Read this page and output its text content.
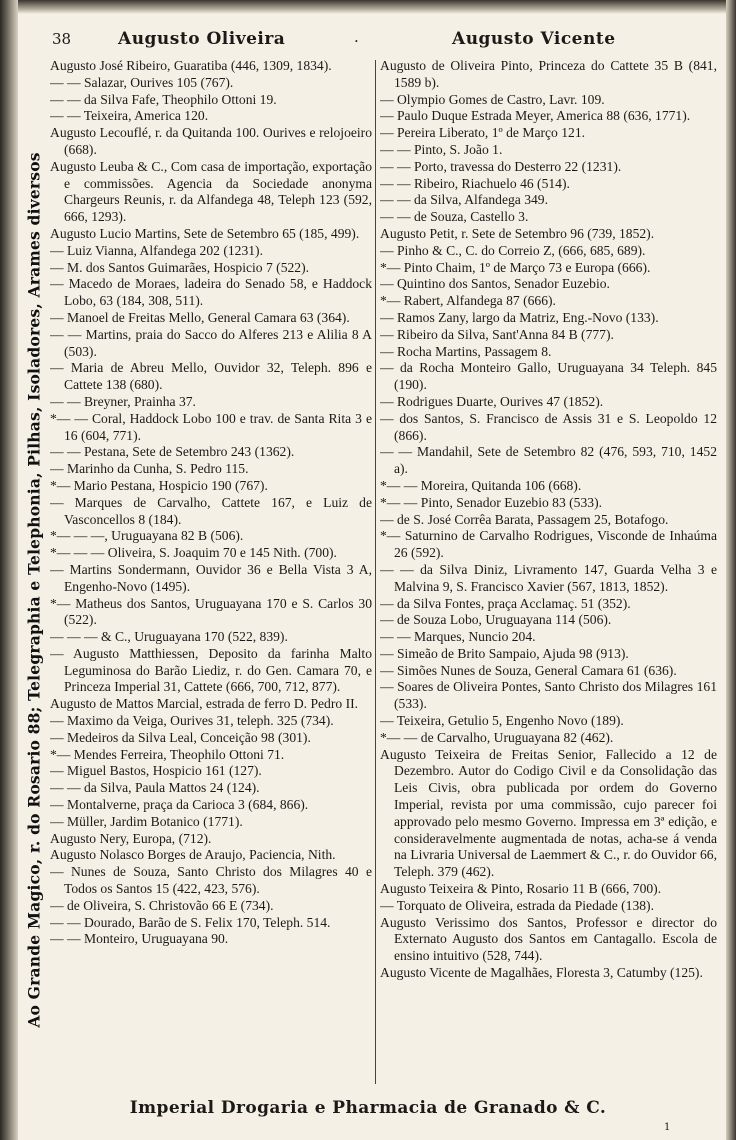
Ao Grande Magico, r. do Rosario 88; Telegraphia e Telephonia, Pilhas, Isoladores, Arames diversos
38	Augusto Oliveira	.	Augusto Vicente

Augusto José Ribeiro, Guaratiba (446, 1309, 1834).

— — Salazar, Ourives 105 (767).

— — da Silva Fafe, Theophilo Ottoni 19.

— — Teixeira, America 120.

Augusto Lecouflé, r. da Quitanda 100. Ourives e relojoeiro (668).

Augusto Leuba & C., Com casa de importação, exportação e commissões. Agencia da Sociedade anonyma Chargeurs Reunis, r. da Alfandega 48, Teleph 123 (592, 666, 1293).

Augusto Lucio Martins, Sete de Setembro 65 (185, 499).

— Luiz Vianna, Alfandega 202 (1231).

— M. dos Santos Guimarães, Hospicio 7 (522).

— Macedo de Moraes, ladeira do Senado 58, e Haddock Lobo, 63 (184, 308, 511).

— Manoel de Freitas Mello, General Camara 63 (364).

— — Martins, praia do Sacco do Alferes 213 e Alilia 8 A (503).

— Maria de Abreu Mello, Ouvidor 32, Teleph. 896 e Cattete 138 (680).

— — Breyner, Prainha 37.

*— — Coral, Haddock Lobo 100 e trav. de Santa Rita 3 e 16 (604, 771).

— — Pestana, Sete de Setembro 243 (1362).

— Marinho da Cunha, S. Pedro 115.

*— Mario Pestana, Hospicio 190 (767).

— Marques de Carvalho, Cattete 167, e Luiz de Vasconcellos 8 (184).

*— — —, Uruguayana 82 B (506).

*— — — Oliveira, S. Joaquim 70 e 145 Nith. (700).

— Martins Sondermann, Ouvidor 36 e Bella Vista 3 A, Engenho-Novo (1495).

*— Matheus dos Santos, Uruguayana 170 e S. Carlos 30 (522).

— — — & C., Uruguayana 170 (522, 839).

— Augusto Matthiessen, Deposito da farinha Malto Leguminosa do Barão Liediz, r. do Gen. Camara 70, e Princeza Imperial 31, Cattete (666, 700, 712, 877).

Augusto de Mattos Marcial, estrada de ferro D. Pedro II.

— Maximo da Veiga, Ourives 31, teleph. 325 (734).

— Medeiros da Silva Leal, Conceição 98 (301).

*— Mendes Ferreira, Theophilo Ottoni 71.

— Miguel Bastos, Hospicio 161 (127).

— — da Silva, Paula Mattos 24 (124).

— Montalverne, praça da Carioca 3 (684, 866).

— Müller, Jardim Botanico (1771).

Augusto Nery, Europa, (712).

Augusto Nolasco Borges de Araujo, Paciencia, Nith.

— Nunes de Souza, Santo Christo dos Milagres 40 e Todos os Santos 15 (422, 423, 576).

— de Oliveira, S. Christovão 66 E (734).

— — Dourado, Barão de S. Felix 170, Teleph. 514.

— — Monteiro, Uruguayana 90.

Augusto de Oliveira Pinto, Princeza do Cattete 35 B (841, 1589 b).

— Olympio Gomes de Castro, Lavr. 109.

— Paulo Duque Estrada Meyer, America 88 (636, 1771).

— Pereira Liberato, 1º de Março 121.

— — Pinto, S. João 1.

— — Porto, travessa do Desterro 22 (1231).

— — Ribeiro, Riachuelo 46 (514).

— — da Silva, Alfandega 349.

— — de Souza, Castello 3.

Augusto Petit, r. Sete de Setembro 96 (739, 1852).

— Pinho & C., C. do Correio Z, (666, 685, 689).

*— Pinto Chaim, 1º de Março 73 e Europa (666).

— Quintino dos Santos, Senador Euzebio.

*— Rabert, Alfandega 87 (666).

— Ramos Zany, largo da Matriz, Eng.-Novo (133).

— Ribeiro da Silva, Sant'Anna 84 B (777).

— Rocha Martins, Passagem 8.

— da Rocha Monteiro Gallo, Uruguayana 34 Teleph. 845 (190).

— Rodrigues Duarte, Ourives 47 (1852).

— dos Santos, S. Francisco de Assis 31 e S. Leopoldo 12 (866).

— — Mandahil, Sete de Setembro 82 (476, 593, 710, 1452 a).

*— — Moreira, Quitanda 106 (668).

*— — Pinto, Senador Euzebio 83 (533).

— de S. José Corrêa Barata, Passagem 25, Botafogo.

*— Saturnino de Carvalho Rodrigues, Visconde de Inhaúma 26 (592).

— — da Silva Diniz, Livramento 147, Guarda Velha 3 e Malvina 9, S. Francisco Xavier (567, 1813, 1852).

— da Silva Fontes, praça Acclamaç. 51 (352).

— de Souza Lobo, Uruguayana 114 (506).

— — Marques, Nuncio 204.

— Simeão de Brito Sampaio, Ajuda 98 (913).

— Simões Nunes de Souza, General Camara 61 (636).

— Soares de Oliveira Pontes, Santo Christo dos Milagres 161 (533).

— Teixeira, Getulio 5, Engenho Novo (189).

*— — de Carvalho, Uruguayana 82 (462).

Augusto Teixeira de Freitas Senior, Fallecido a 12 de Dezembro. Autor do Codigo Civil e da Consolidação das Leis Civis, obra publicada por ordem do Governo Imperial, revista por uma commissão, cujo parecer foi approvado pelo mesmo Governo. Impressa em 3ª edição, e consideravelmente augmentada de notas, acha-se á venda na Livraria Universal de Laemmert & C., r. do Ouvidor 66, Teleph. 379 (462).

Augusto Teixeira & Pinto, Rosario 11 B (666, 700).

— Torquato de Oliveira, estrada da Piedade (138).

Augusto Verissimo dos Santos, Professor e director do Externato Augusto dos Santos em Cantagallo. Escola de ensino intuitivo (528, 744).

Augusto Vicente de Magalhães, Floresta 3, Catumby (125).

Imperial Drogaria e Pharmacia de Granado & C.
1
